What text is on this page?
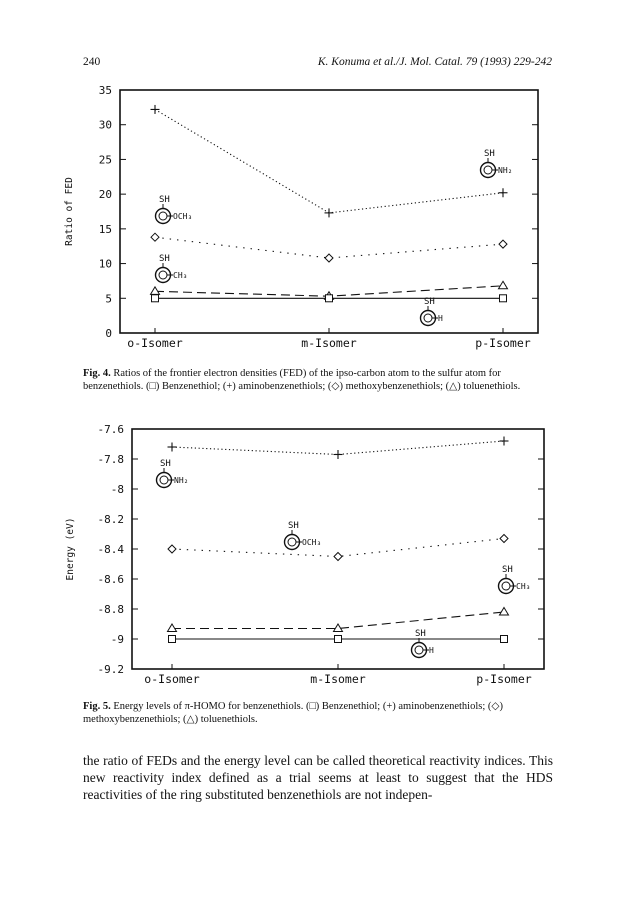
240	K. Konuma et al./J. Mol. Catal. 79 (1993) 229-242
0
5
10
15
20
25
30
35
Ratio of FED
o-Isomer	m-Isomer	p-Isomer
SH
OCH₃
SH
CH₃
SH
NH₂
SH
H
Fig. 4. Ratios of the frontier electron densities (FED) of the ipso-carbon atom to the sulfur atom for benzenethiols. (□) Benzenethiol; (+) aminobenzenethiols; (◇) methoxybenzenethiols; (△) toluenethiols.
-7.6
-7.8
-8
-8.2
-8.4
-8.6
-8.8
-9
-9.2
Energy (eV)
o-Isomer	m-Isomer	p-Isomer
SH
NH₂
SH
OCH₃
SH
CH₃
SH
H
Fig. 5. Energy levels of π-HOMO for benzenethiols. (□) Benzenethiol; (+) aminobenzenethiols; (◇) methoxybenzenethiols; (△) toluenethiols.
the ratio of FEDs and the energy level can be called theoretical reactivity indices. This new reactivity index defined as a trial seems at least to suggest that the HDS reactivities of the ring substituted benzenethiols are not indepen-
